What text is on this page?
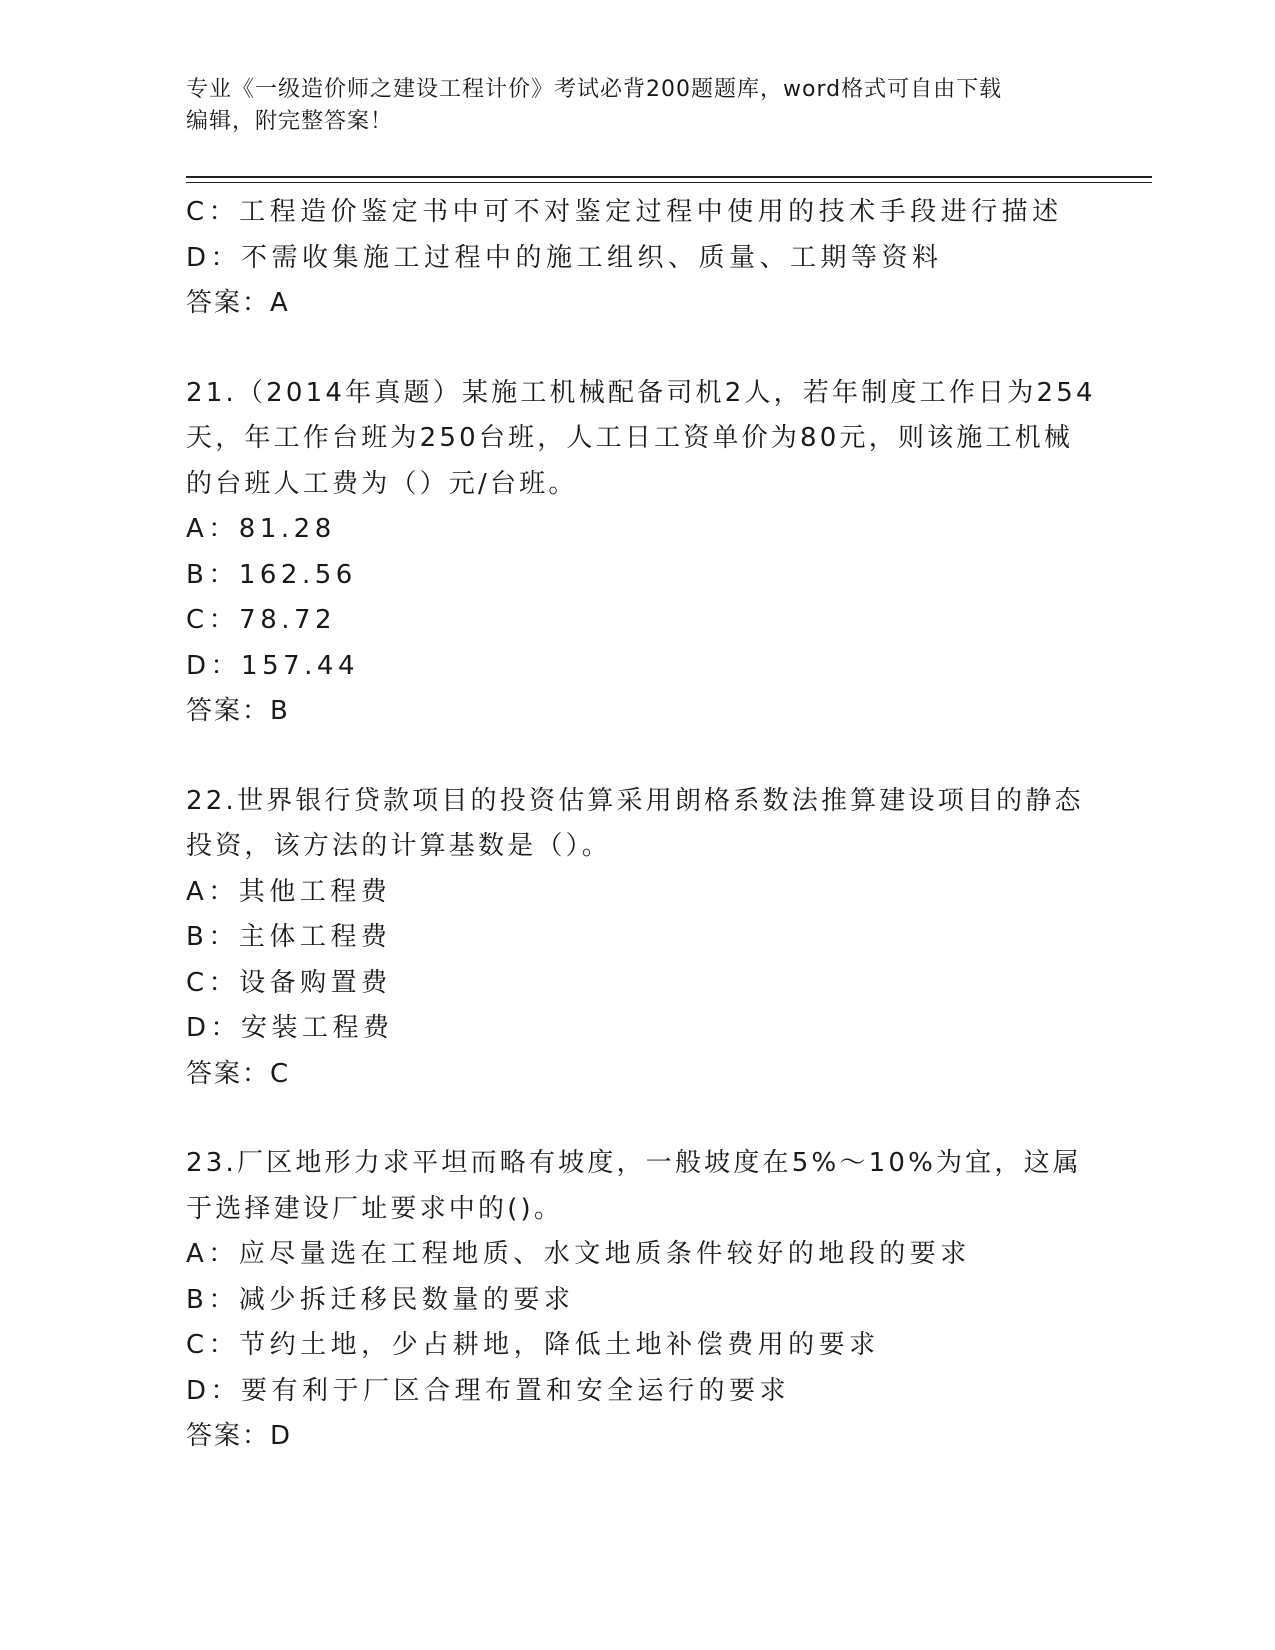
专业《一级造价师之建设工程计价》考试必背200题题库，word格式可自由下载
编辑，附完整答案！
C：工程造价鉴定书中可不对鉴定过程中使用的技术手段进行描述
D：不需收集施工过程中的施工组织、质量、工期等资料
答案：A
21.（2014年真题）某施工机械配备司机2人，若年制度工作日为254
天，年工作台班为250台班，人工日工资单价为80元，则该施工机械
的台班人工费为（）元/台班。
A：81.28
B：162.56
C：78.72
D：157.44
答案：B
22.世界银行贷款项目的投资估算采用朗格系数法推算建设项目的静态
投资，该方法的计算基数是（）。
A：其他工程费
B：主体工程费
C：设备购置费
D：安装工程费
答案：C
23.厂区地形力求平坦而略有坡度，一般坡度在5%～10%为宜，这属
于选择建设厂址要求中的()。
A：应尽量选在工程地质、水文地质条件较好的地段的要求
B：减少拆迁移民数量的要求
C：节约土地，少占耕地，降低土地补偿费用的要求
D：要有利于厂区合理布置和安全运行的要求
答案：D
